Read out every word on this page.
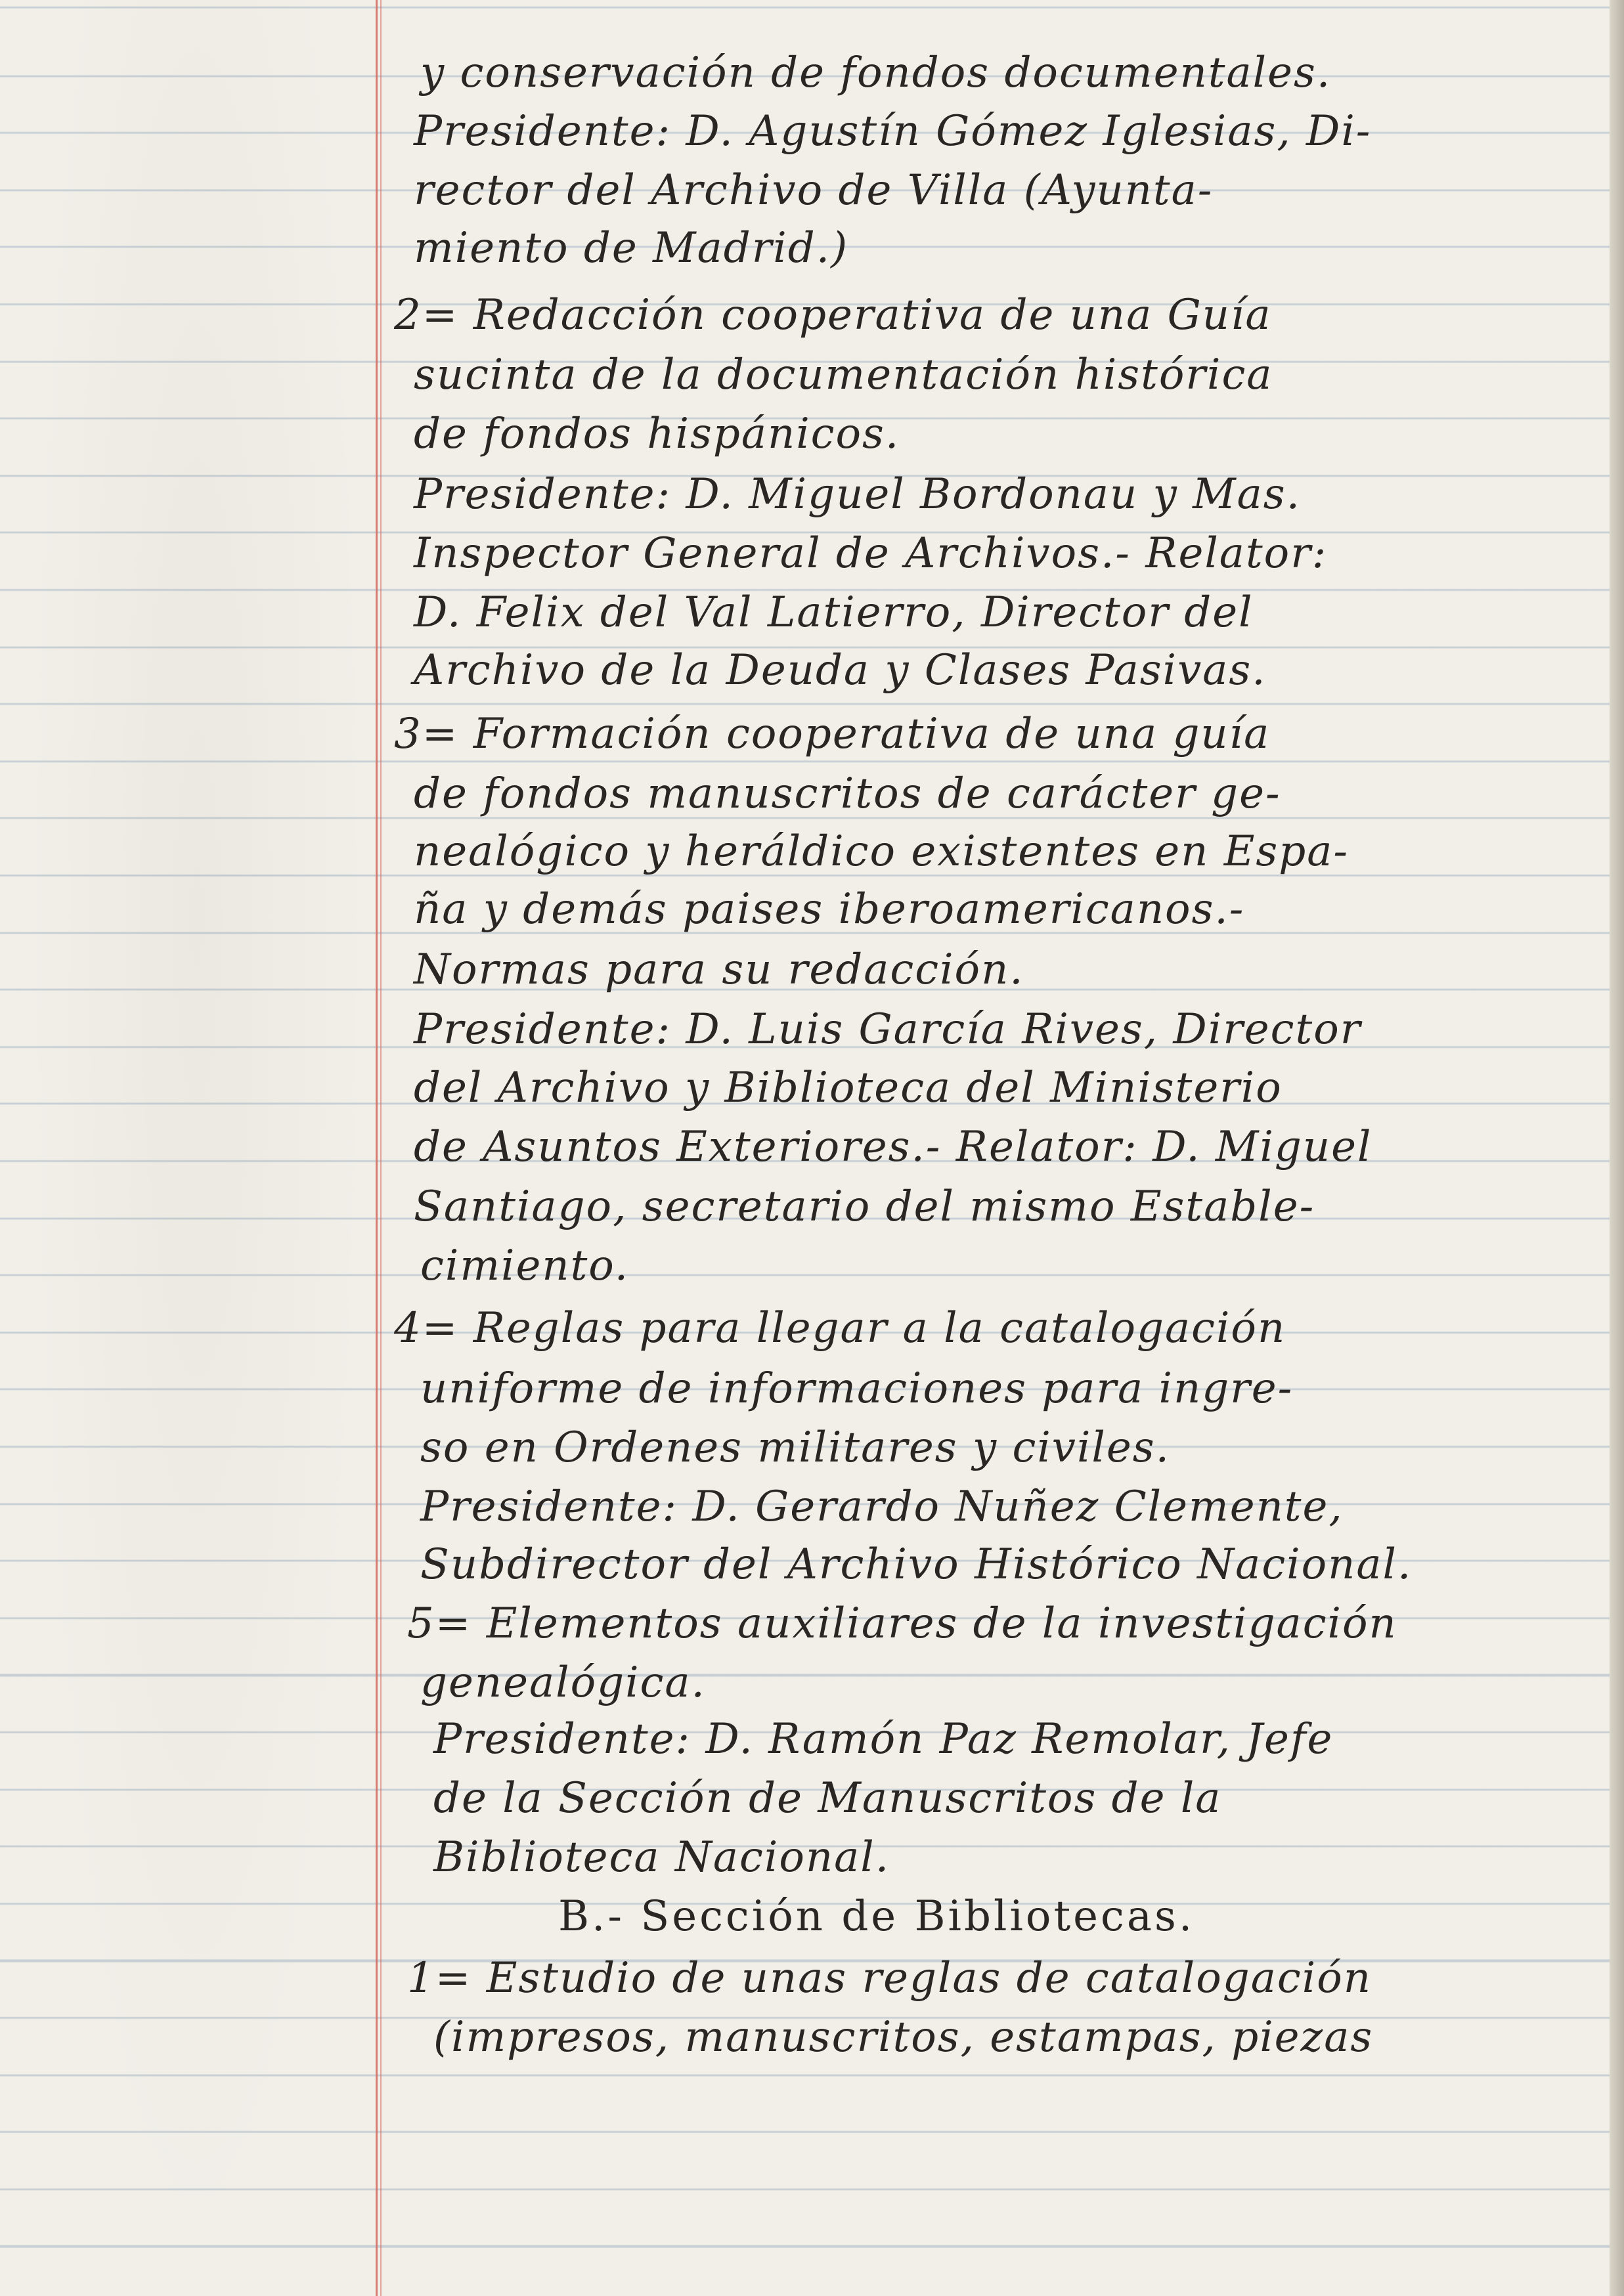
y conservación de fondos documentales.
Presidente: D. Agustín Gómez Iglesias, Di-
rector del Archivo de Villa (Ayunta-
miento de Madrid.)
2= Redacción cooperativa de una Guía
sucinta de la documentación histórica
de fondos hispánicos.
Presidente: D. Miguel Bordonau y Mas.
Inspector General de Archivos.- Relator:
D. Felix del Val Latierro, Director del
Archivo de la Deuda y Clases Pasivas.
3= Formación cooperativa de una guía
de fondos manuscritos de carácter ge-
nealógico y heráldico existentes en Espa-
ña y demás paises iberoamericanos.-
Normas para su redacción.
Presidente: D. Luis García Rives, Director
del Archivo y Biblioteca del Ministerio
de Asuntos Exteriores.- Relator: D. Miguel
Santiago, secretario del mismo Estable-
cimiento.
4= Reglas para llegar a la catalogación
uniforme de informaciones para ingre-
so en Ordenes militares y civiles.
Presidente: D. Gerardo Nuñez Clemente,
Subdirector del Archivo Histórico Nacional.
5= Elementos auxiliares de la investigación
genealógica.
Presidente: D. Ramón Paz Remolar, Jefe
de la Sección de Manuscritos de la
Biblioteca Nacional.
B.- Sección de Bibliotecas.
1= Estudio de unas reglas de catalogación
(impresos, manuscritos, estampas, piezas
